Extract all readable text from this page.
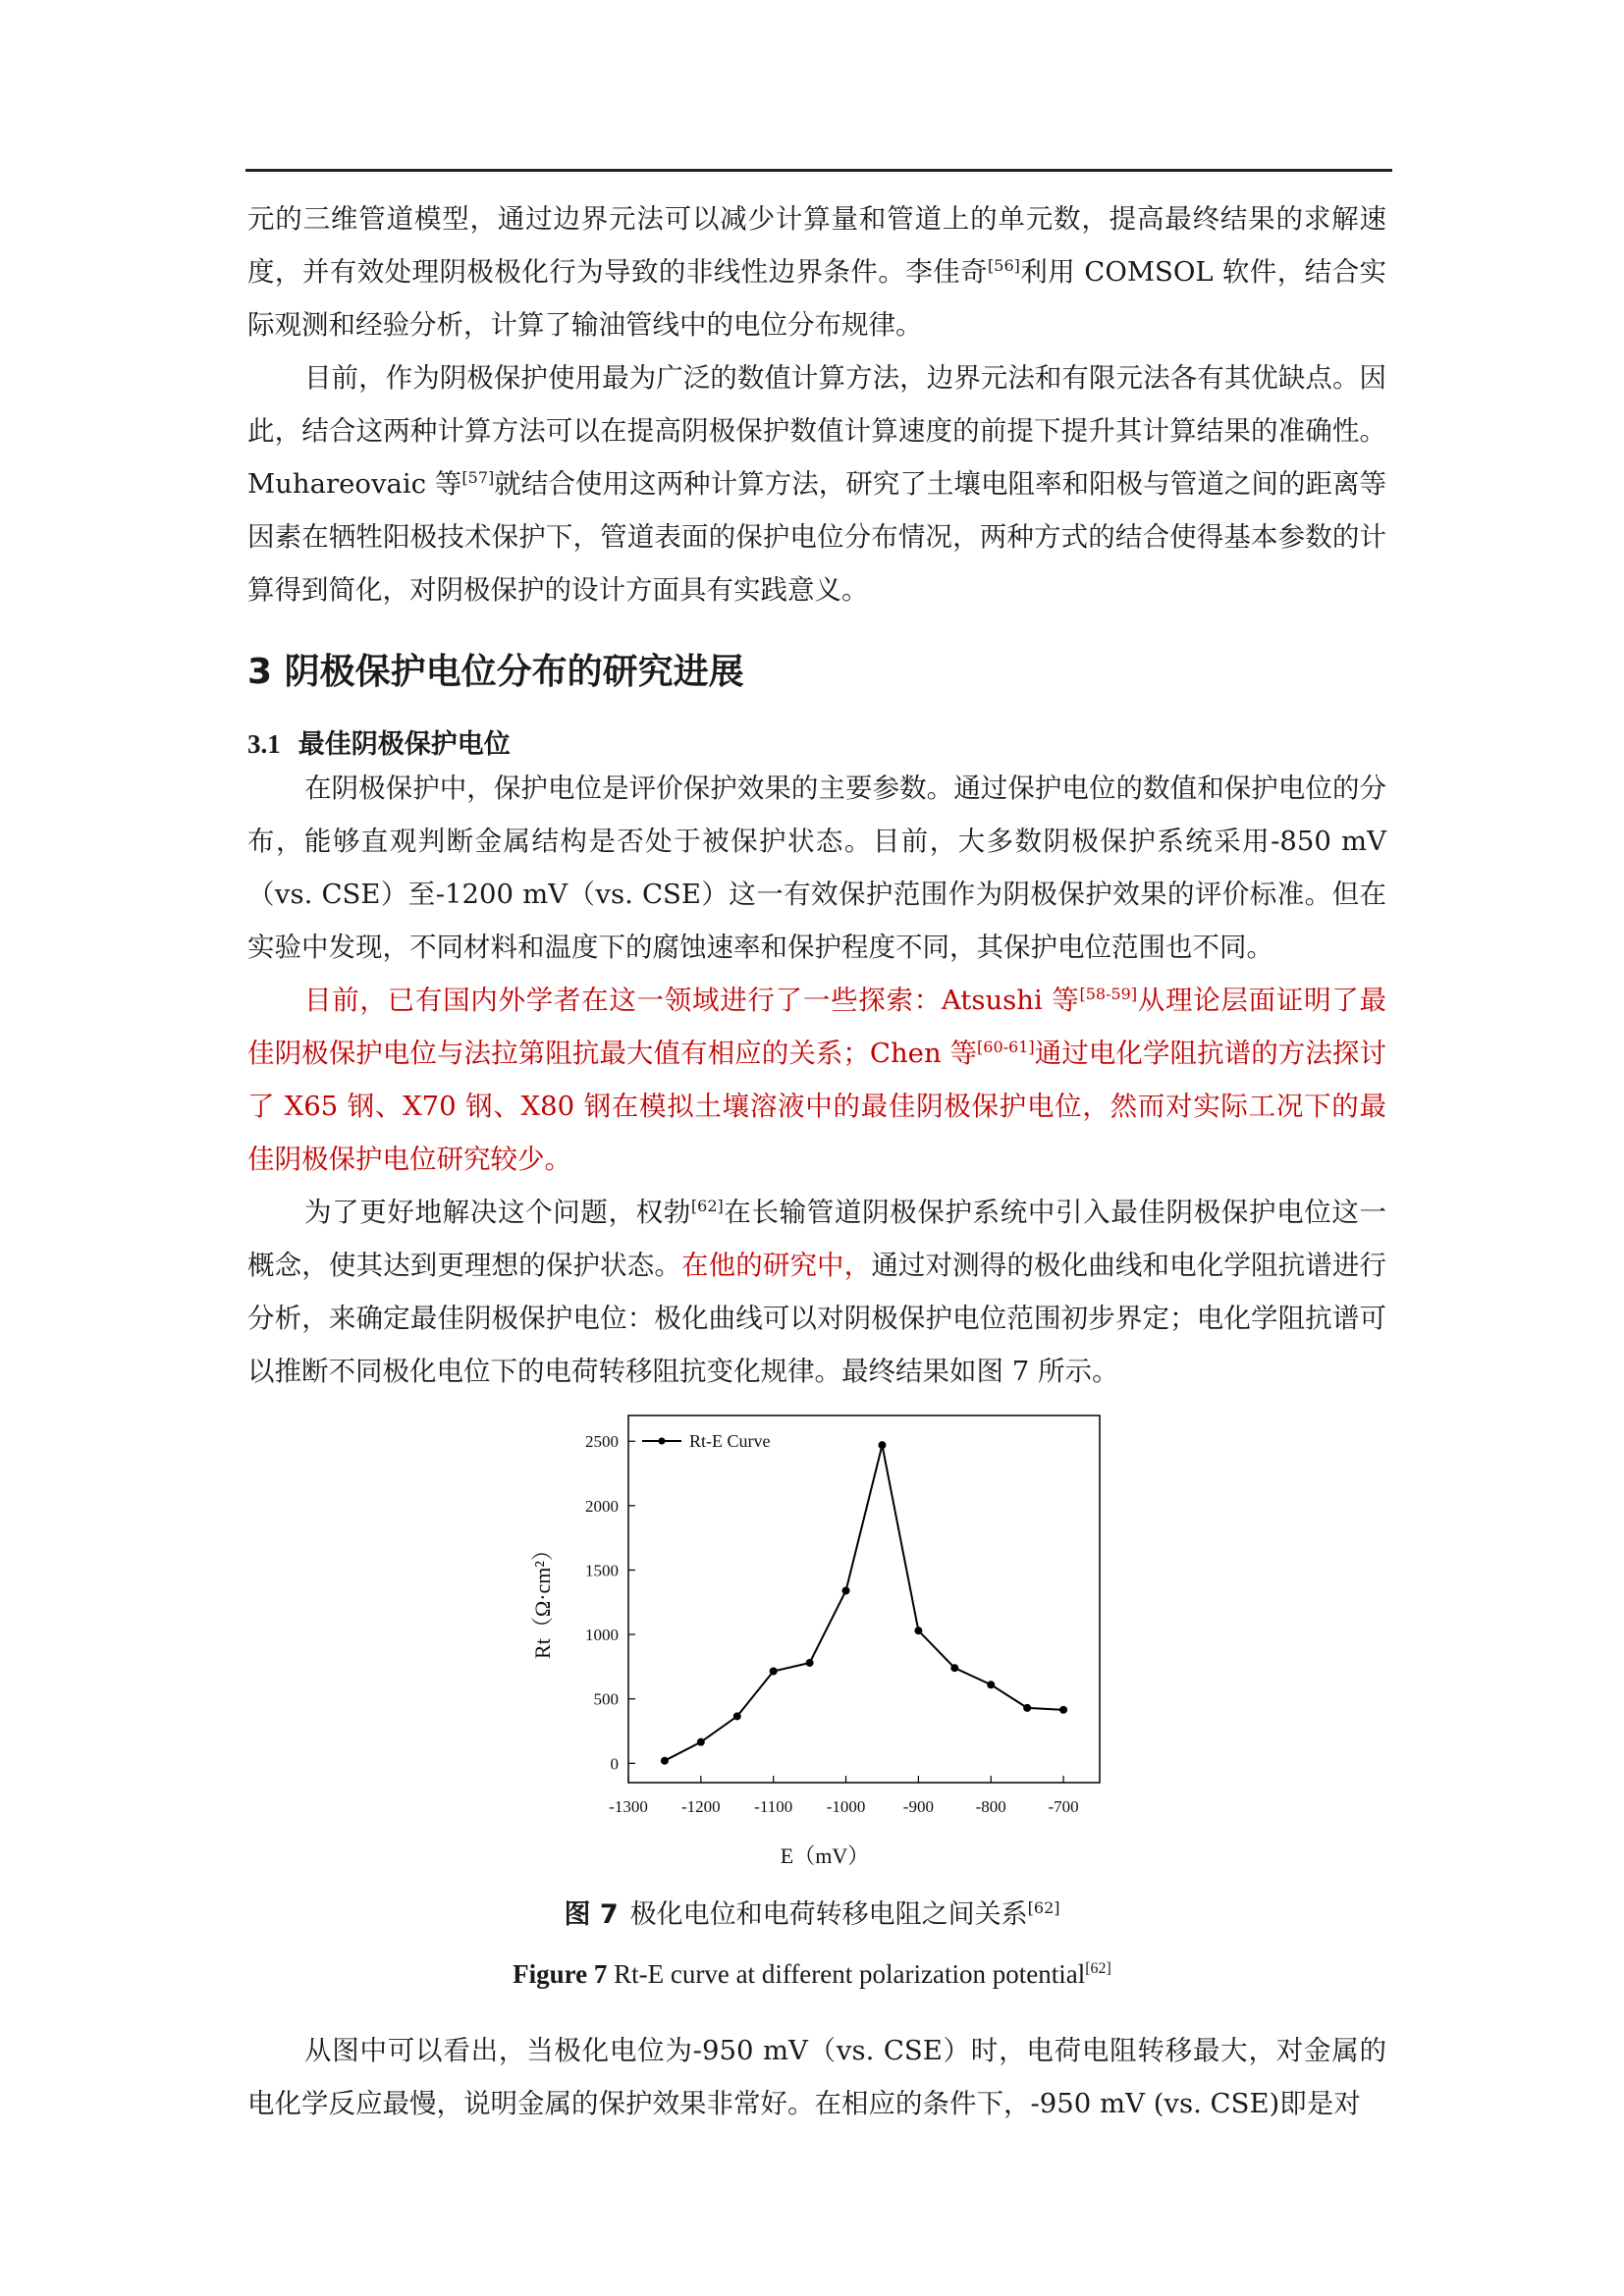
元的三维管道模型，通过边界元法可以减少计算量和管道上的单元数，提高最终结果的求解速度，并有效处理阴极极化行为导致的非线性边界条件。李佳奇[56]利用 COMSOL 软件，结合实际观测和经验分析，计算了输油管线中的电位分布规律。

目前，作为阴极保护使用最为广泛的数值计算方法，边界元法和有限元法各有其优缺点。因此，结合这两种计算方法可以在提高阴极保护数值计算速度的前提下提升其计算结果的准确性。Muhareovaic 等[57]就结合使用这两种计算方法，研究了土壤电阻率和阳极与管道之间的距离等因素在牺牲阳极技术保护下，管道表面的保护电位分布情况，两种方式的结合使得基本参数的计算得到简化，对阴极保护的设计方面具有实践意义。

3 阴极保护电位分布的研究进展
3.1 最佳阴极保护电位

在阴极保护中，保护电位是评价保护效果的主要参数。通过保护电位的数值和保护电位的分布，能够直观判断金属结构是否处于被保护状态。目前，大多数阴极保护系统采用-850 mV（vs. CSE）至-1200 mV（vs. CSE）这一有效保护范围作为阴极保护效果的评价标准。但在实验中发现，不同材料和温度下的腐蚀速率和保护程度不同，其保护电位范围也不同。

目前，已有国内外学者在这一领域进行了一些探索：Atsushi 等[58-59]从理论层面证明了最佳阴极保护电位与法拉第阻抗最大值有相应的关系；Chen 等[60-61]通过电化学阻抗谱的方法探讨了 X65 钢、X70 钢、X80 钢在模拟土壤溶液中的最佳阴极保护电位，然而对实际工况下的最佳阴极保护电位研究较少。

为了更好地解决这个问题，权勃[62]在长输管道阴极保护系统中引入最佳阴极保护电位这一概念，使其达到更理想的保护状态。在他的研究中，通过对测得的极化曲线和电化学阻抗谱进行分析，来确定最佳阴极保护电位：极化曲线可以对阴极保护电位范围初步界定；电化学阻抗谱可以推断不同极化电位下的电荷转移阻抗变化规律。最终结果如图 7 所示。

-1300 -1200 -1100 -1000 -900	-800	-700
0
500
1000
1500
2000
2500	Rt-E Curve
E（mV）
Rt（Ω·cm²）

图 7 极化电位和电荷转移电阻之间关系[62]

Figure 7 Rt-E curve at different polarization potential[62]

从图中可以看出，当极化电位为-950 mV（vs. CSE）时，电荷电阻转移最大，对金属的电化学反应最慢，说明金属的保护效果非常好。在相应的条件下，-950 mV (vs. CSE)即是对
